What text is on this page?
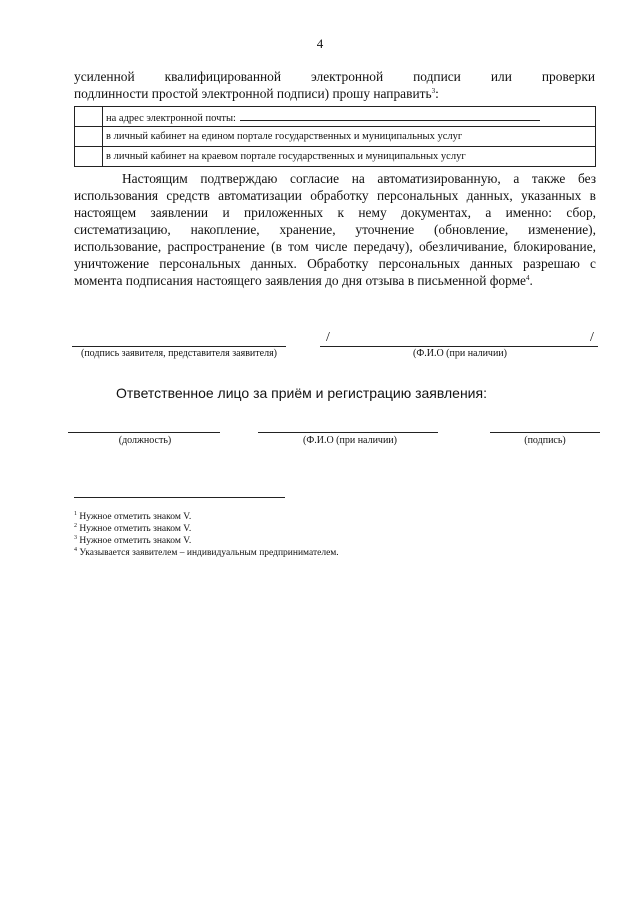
4
усиленной квалифицированной электронной подписи или проверки
подлинности простой электронной подписи) прошу направить$^3$:
	на адрес электронной почты:
	в личный кабинет на едином портале государственных и муниципальных услуг
	в личный кабинет на краевом портале государственных и муниципальных услуг
Настоящим подтверждаю согласие на автоматизированную, а также без использования средств автоматизации обработку персональных данных, указанных в настоящем заявлении и приложенных к нему документах, а именно: сбор, систематизацию, накопление, хранение, уточнение (обновление, изменение), использование, распространение (в том числе передачу), обезличивание, блокирование, уничтожение персональных данных. Обработку персональных данных разрешаю с момента подписания настоящего заявления до дня отзыва в письменной форме$^4$.
(подпись заявителя, представителя заявителя)
/	/
(Ф.И.О (при наличии)
Ответственное лицо за приём и регистрацию заявления:
(должность)	(Ф.И.О (при наличии)	(подпись)
$^1$ Нужное отметить знаком V.
$^2$ Нужное отметить знаком V.
$^3$ Нужное отметить знаком V.
$^4$ Указывается заявителем – индивидуальным предпринимателем.
